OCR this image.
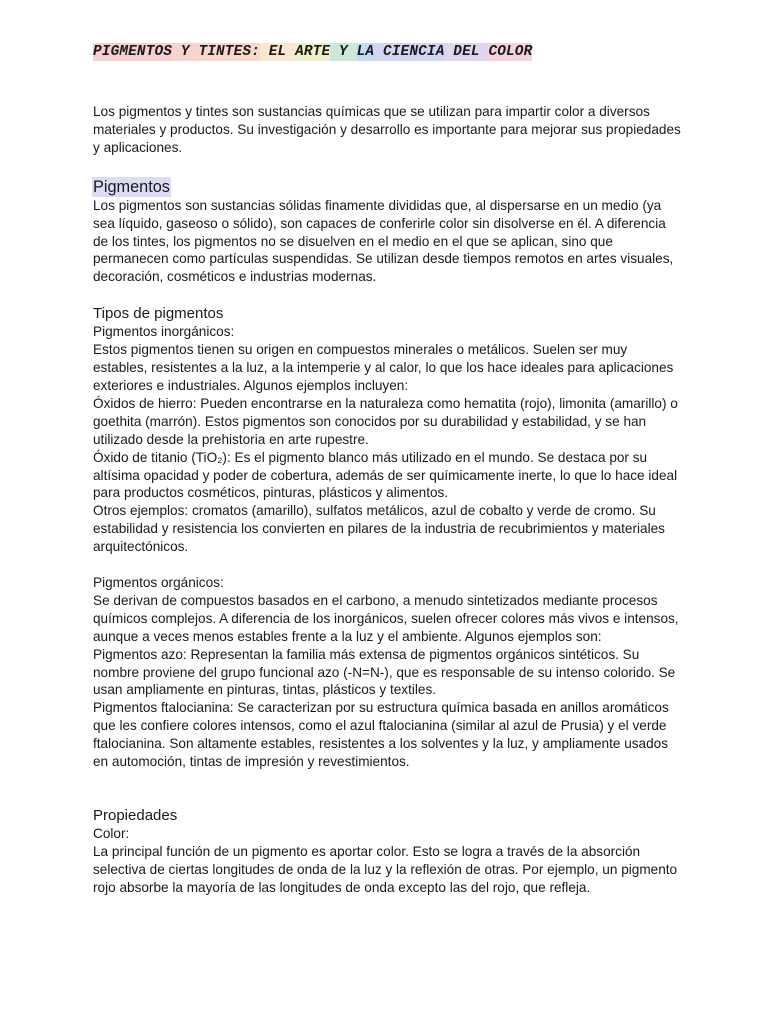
PIGMENTOS Y TINTES: EL ARTE Y LA CIENCIA DEL COLOR

Los pigmentos y tintes son sustancias químicas que se utilizan para impartir color a diversos materiales y productos. Su investigación y desarrollo es importante para mejorar sus propiedades y aplicaciones.

Pigmentos

Los pigmentos son sustancias sólidas finamente divididas que, al dispersarse en un medio (ya sea líquido, gaseoso o sólido), son capaces de conferirle color sin disolverse en él. A diferencia de los tintes, los pigmentos no se disuelven en el medio en el que se aplican, sino que permanecen como partículas suspendidas. Se utilizan desde tiempos remotos en artes visuales, decoración, cosméticos e industrias modernas.

Tipos de pigmentos

Pigmentos inorgánicos:

Estos pigmentos tienen su origen en compuestos minerales o metálicos. Suelen ser muy estables, resistentes a la luz, a la intemperie y al calor, lo que los hace ideales para aplicaciones exteriores e industriales. Algunos ejemplos incluyen:

Óxidos de hierro: Pueden encontrarse en la naturaleza como hematita (rojo), limonita (amarillo) o goethita (marrón). Estos pigmentos son conocidos por su durabilidad y estabilidad, y se han utilizado desde la prehistoria en arte rupestre.

Óxido de titanio (TiO₂): Es el pigmento blanco más utilizado en el mundo. Se destaca por su altísima opacidad y poder de cobertura, además de ser químicamente inerte, lo que lo hace ideal para productos cosméticos, pinturas, plásticos y alimentos.

Otros ejemplos: cromatos (amarillo), sulfatos metálicos, azul de cobalto y verde de cromo. Su estabilidad y resistencia los convierten en pilares de la industria de recubrimientos y materiales arquitectónicos.

Pigmentos orgánicos:

Se derivan de compuestos basados en el carbono, a menudo sintetizados mediante procesos químicos complejos. A diferencia de los inorgánicos, suelen ofrecer colores más vivos e intensos, aunque a veces menos estables frente a la luz y el ambiente. Algunos ejemplos son:

Pigmentos azo: Representan la familia más extensa de pigmentos orgánicos sintéticos. Su nombre proviene del grupo funcional azo (-N=N-), que es responsable de su intenso colorido. Se usan ampliamente en pinturas, tintas, plásticos y textiles.

Pigmentos ftalocianina: Se caracterizan por su estructura química basada en anillos aromáticos que les confiere colores intensos, como el azul ftalocianina (similar al azul de Prusia) y el verde ftalocianina. Son altamente estables, resistentes a los solventes y la luz, y ampliamente usados en automoción, tintas de impresión y revestimientos.

Propiedades

Color:

La principal función de un pigmento es aportar color. Esto se logra a través de la absorción selectiva de ciertas longitudes de onda de la luz y la reflexión de otras. Por ejemplo, un pigmento rojo absorbe la mayoría de las longitudes de onda excepto las del rojo, que refleja.
